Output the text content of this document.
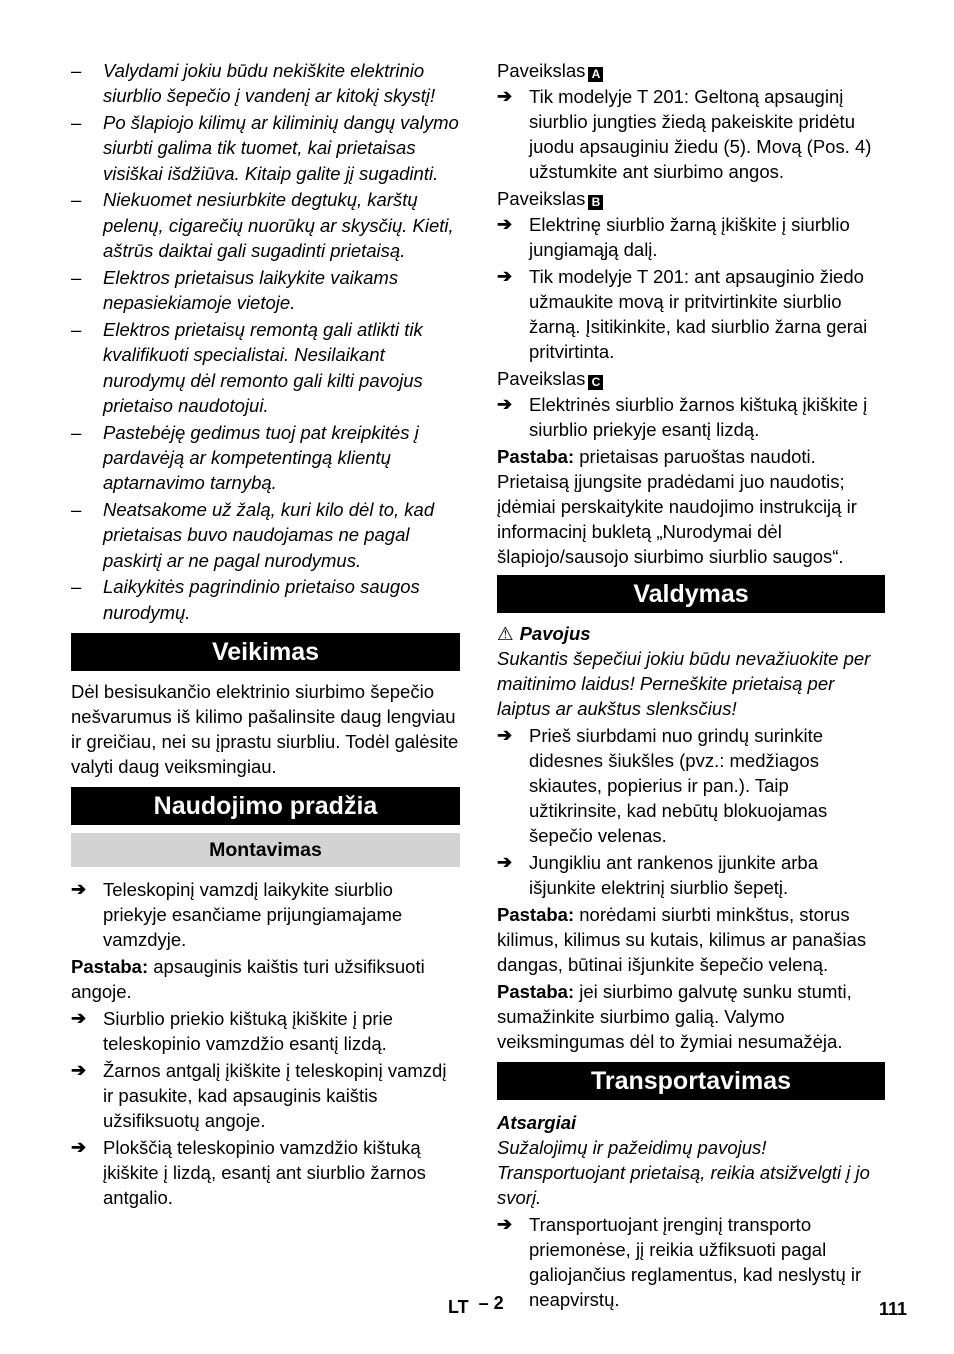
–	Valydami jokiu būdu nekiškite elektrinio siurblio šepečio į vandenį ar kitokį skystį!
–	Po šlapiojo kilimų ar kiliminių dangų valymo siurbti galima tik tuomet, kai prietaisas visiškai išdžiūva. Kitaip galite jį sugadinti.
–	Niekuomet nesiurbkite degtukų, karštų pelenų, cigarečių nuorūkų ar skysčių. Kieti, aštrūs daiktai gali sugadinti prietaisą.
–	Elektros prietaisus laikykite vaikams nepasiekiamoje vietoje.
–	Elektros prietaisų remontą gali atlikti tik kvalifikuoti specialistai. Nesilaikant nurodymų dėl remonto gali kilti pavojus prietaiso naudotojui.
–	Pastebėję gedimus tuoj pat kreipkitės į pardavėją ar kompetentingą klientų aptarnavimo tarnybą.
–	Neatsakome už žalą, kuri kilo dėl to, kad prietaisas buvo naudojamas ne pagal paskirtį ar ne pagal nurodymus.
–	Laikykitės pagrindinio prietaiso saugos nurodymų.
Veikimas

Dėl besisukančio elektrinio siurbimo šepečio nešvarumus iš kilimo pašalinsite daug lengviau ir greičiau, nei su įprastu siurbliu. Todėl galėsite valyti daug veiksmingiau.

Naudojimo pradžia
Montavimas
➔ Teleskopinį vamzdį laikykite siurblio priekyje esančiame prijungiamajame vamzdyje.

Pastaba: apsauginis kaištis turi užsifiksuoti angoje.

➔ Siurblio priekio kištuką įkiškite į prie teleskopinio vamzdžio esantį lizdą.
➔ Žarnos antgalį įkiškite į teleskopinį vamzdį ir pasukite, kad apsauginis kaištis užsifiksuotų angoje.
➔ Plokščią teleskopinio vamzdžio kištuką įkiškite į lizdą, esantį ant siurblio žarnos antgalio.
Paveikslas A
➔ Tik modelyje T 201: Geltoną apsauginį siurblio jungties žiedą pakeiskite pridėtu juodu apsauginiu žiedu (5). Movą (Pos. 4) užstumkite ant siurbimo angos.
Paveikslas B
➔ Elektrinę siurblio žarną įkiškite į siurblio jungiamąją dalį.
➔ Tik modelyje T 201: ant apsauginio žiedo užmaukite movą ir pritvirtinkite siurblio žarną. Įsitikinkite, kad siurblio žarna gerai pritvirtinta.
Paveikslas C
➔ Elektrinės siurblio žarnos kištuką įkiškite į siurblio priekyje esantį lizdą.

Pastaba: prietaisas paruoštas naudoti. Prietaisą įjungsite pradėdami juo naudotis; įdėmiai perskaitykite naudojimo instrukciją ir informacinį bukletą „Nurodymai dėl šlapiojo/sausojo siurbimo siurblio saugos“.

Valdymas
⚠ Pavojus

Sukantis šepečiui jokiu būdu nevažiuokite per maitinimo laidus! Perneškite prietaisą per laiptus ar aukštus slenksčius!

➔ Prieš siurbdami nuo grindų surinkite didesnes šiukšles (pvz.: medžiagos skiautes, popierius ir pan.). Taip užtikrinsite, kad nebūtų blokuojamas šepečio velenas.
➔ Jungikliu ant rankenos įjunkite arba išjunkite elektrinį siurblio šepetį.

Pastaba: norėdami siurbti minkštus, storus kilimus, kilimus su kutais, kilimus ar panašias dangas, būtinai išjunkite šepečio veleną.

Pastaba: jei siurbimo galvutę sunku stumti, sumažinkite siurbimo galią. Valymo veiksmingumas dėl to žymiai nesumažėja.

Transportavimas
Atsargiai

Sužalojimų ir pažeidimų pavojus! Transportuojant prietaisą, reikia atsižvelgti į jo svorį.

➔ Transportuojant įrenginį transporto priemonėse, jį reikia užfiksuoti pagal galiojančius reglamentus, kad neslystų ir neapvirstų.
LT – 2	111
